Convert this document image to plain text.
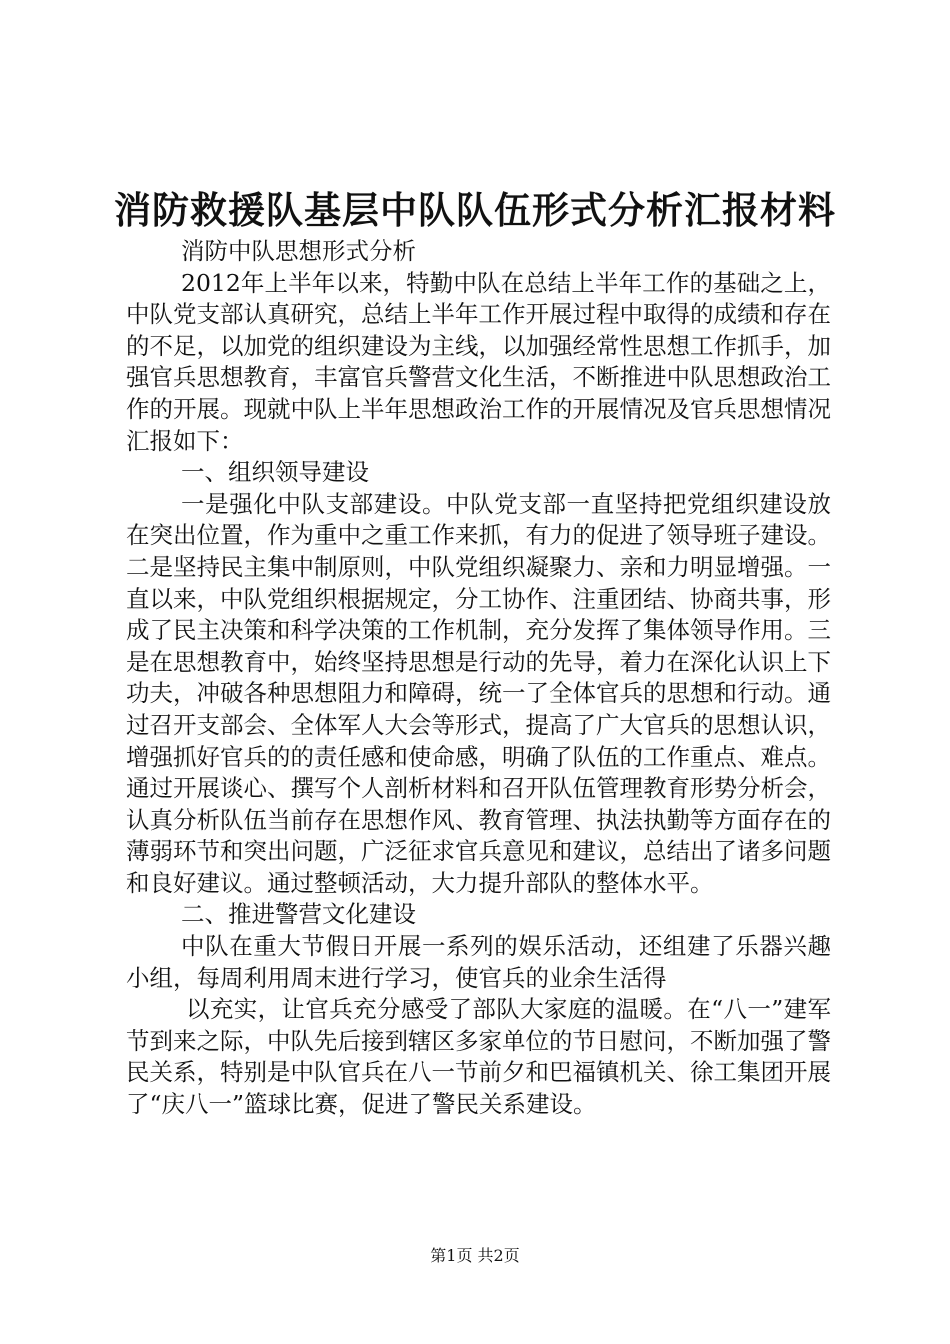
消防救援队基层中队队伍形式分析汇报材料

消防中队思想形式分析

2012年上半年以来，特勤中队在总结上半年工作的基础之上，中队党支部认真研究，总结上半年工作开展过程中取得的成绩和存在的不足，以加党的组织建设为主线，以加强经常性思想工作抓手，加强官兵思想教育，丰富官兵警营文化生活，不断推进中队思想政治工作的开展。现就中队上半年思想政治工作的开展情况及官兵思想情况汇报如下：

一、组织领导建设

一是强化中队支部建设。中队党支部一直坚持把党组织建设放在突出位置，作为重中之重工作来抓，有力的促进了领导班子建设。二是坚持民主集中制原则，中队党组织凝聚力、亲和力明显增强。一直以来，中队党组织根据规定，分工协作、注重团结、协商共事，形成了民主决策和科学决策的工作机制，充分发挥了集体领导作用。三是在思想教育中，始终坚持思想是行动的先导，着力在深化认识上下功夫，冲破各种思想阻力和障碍，统一了全体官兵的思想和行动。通过召开支部会、全体军人大会等形式，提高了广大官兵的思想认识，增强抓好官兵的的责任感和使命感，明确了队伍的工作重点、难点。通过开展谈心、撰写个人剖析材料和召开队伍管理教育形势分析会，认真分析队伍当前存在思想作风、教育管理、执法执勤等方面存在的薄弱环节和突出问题，广泛征求官兵意见和建议，总结出了诸多问题和良好建议。通过整顿活动，大力提升部队的整体水平。

二、推进警营文化建设

中队在重大节假日开展一系列的娱乐活动，还组建了乐器兴趣小组，每周利用周末进行学习，使官兵的业余生活得

以充实，让官兵充分感受了部队大家庭的温暖。在“八一”建军节到来之际，中队先后接到辖区多家单位的节日慰问，不断加强了警民关系，特别是中队官兵在八一节前夕和巴福镇机关、徐工集团开展了“庆八一”篮球比赛，促进了警民关系建设。

第1页 共2页
